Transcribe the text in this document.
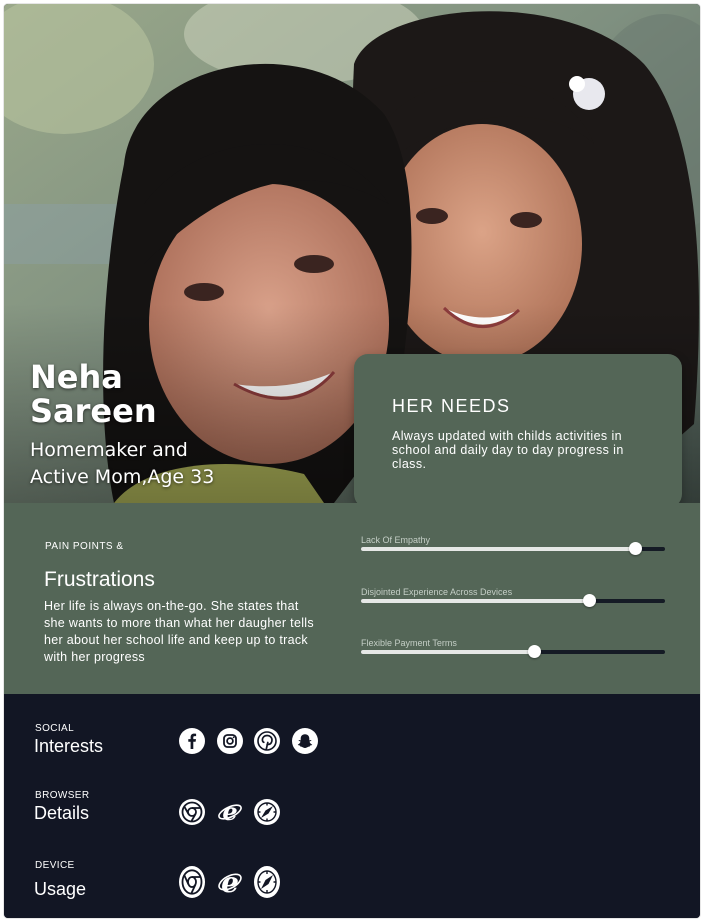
Neha Sareen
Homemaker and Active Mom,Age 33
HER NEEDS
Always updated with childs activities in school and daily day to day progress in class.
PAIN POINTS &
Frustrations
Her life is always on-the-go. She states that she wants to more than what her daugher tells her about her school life and keep up to track with her progress
Lack Of Empathy
Disjointed Experience Across Devices
Flexible Payment Terms
SOCIAL
Interests
BROWSER
Details	e
DEVICE
Usage	e
